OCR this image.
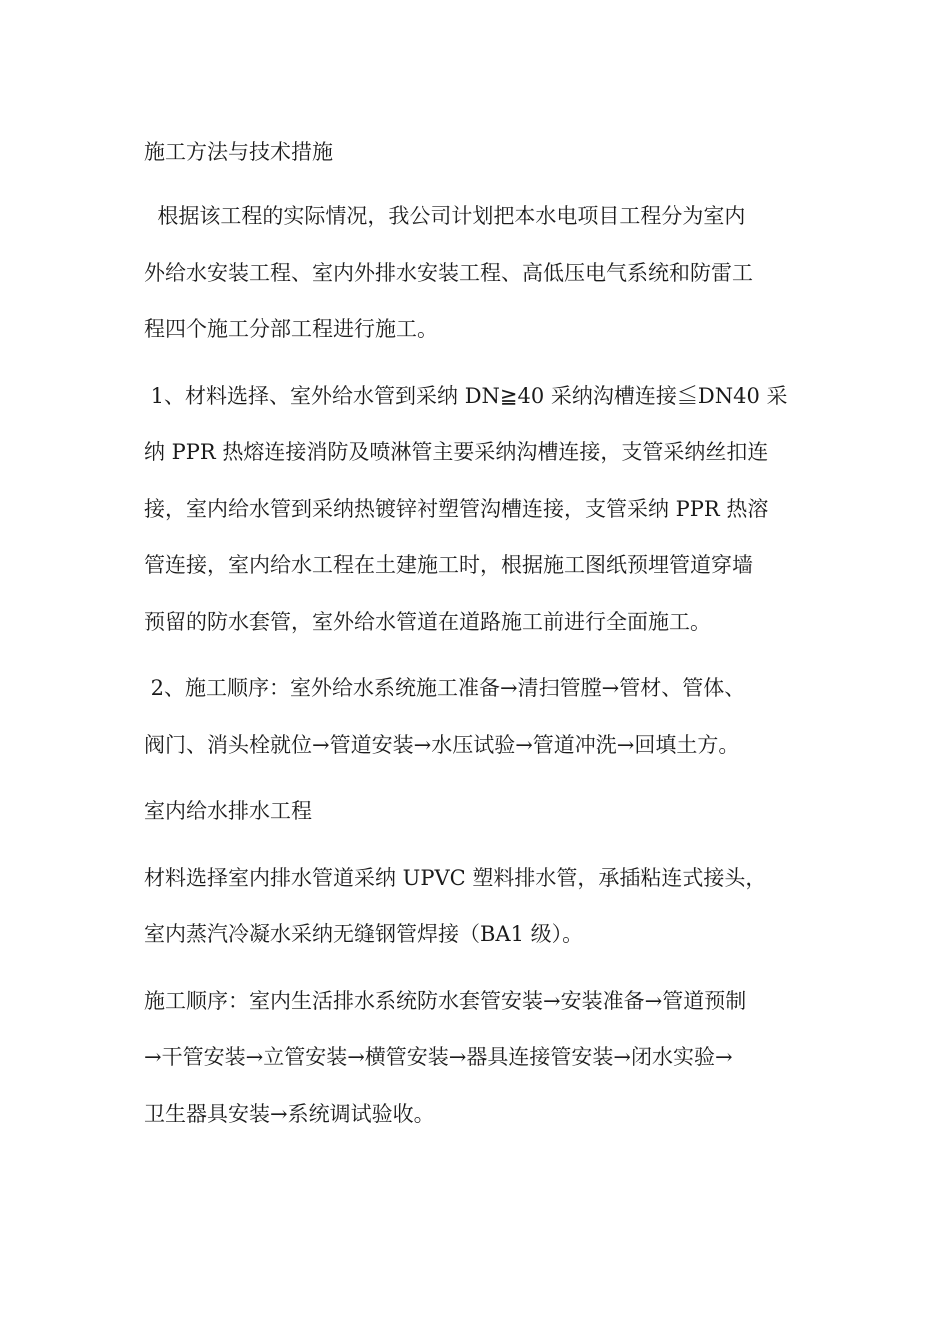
施工方法与技术措施
根据该工程的实际情况，我公司计划把本水电项目工程分为室内
外给水安装工程、室内外排水安装工程、高低压电气系统和防雷工
程四个施工分部工程进行施工。
1、材料选择、室外给水管到采纳 DN≧40 采纳沟槽连接≦DN40 采
纳 PPR 热熔连接消防及喷淋管主要采纳沟槽连接，支管采纳丝扣连
接，室内给水管到采纳热镀锌衬塑管沟槽连接，支管采纳 PPR 热溶
管连接，室内给水工程在土建施工时，根据施工图纸预埋管道穿墙
预留的防水套管，室外给水管道在道路施工前进行全面施工。
2、施工顺序：室外给水系统施工准备→清扫管膛→管材、管体、
阀门、消头栓就位→管道安装→水压试验→管道冲洗→回填土方。
室内给水排水工程
材料选择室内排水管道采纳 UPVC 塑料排水管，承插粘连式接头，
室内蒸汽冷凝水采纳无缝钢管焊接（BA1 级）。
施工顺序：室内生活排水系统防水套管安装→安装准备→管道预制
→干管安装→立管安装→横管安装→器具连接管安装→闭水实验→
卫生器具安装→系统调试验收。
